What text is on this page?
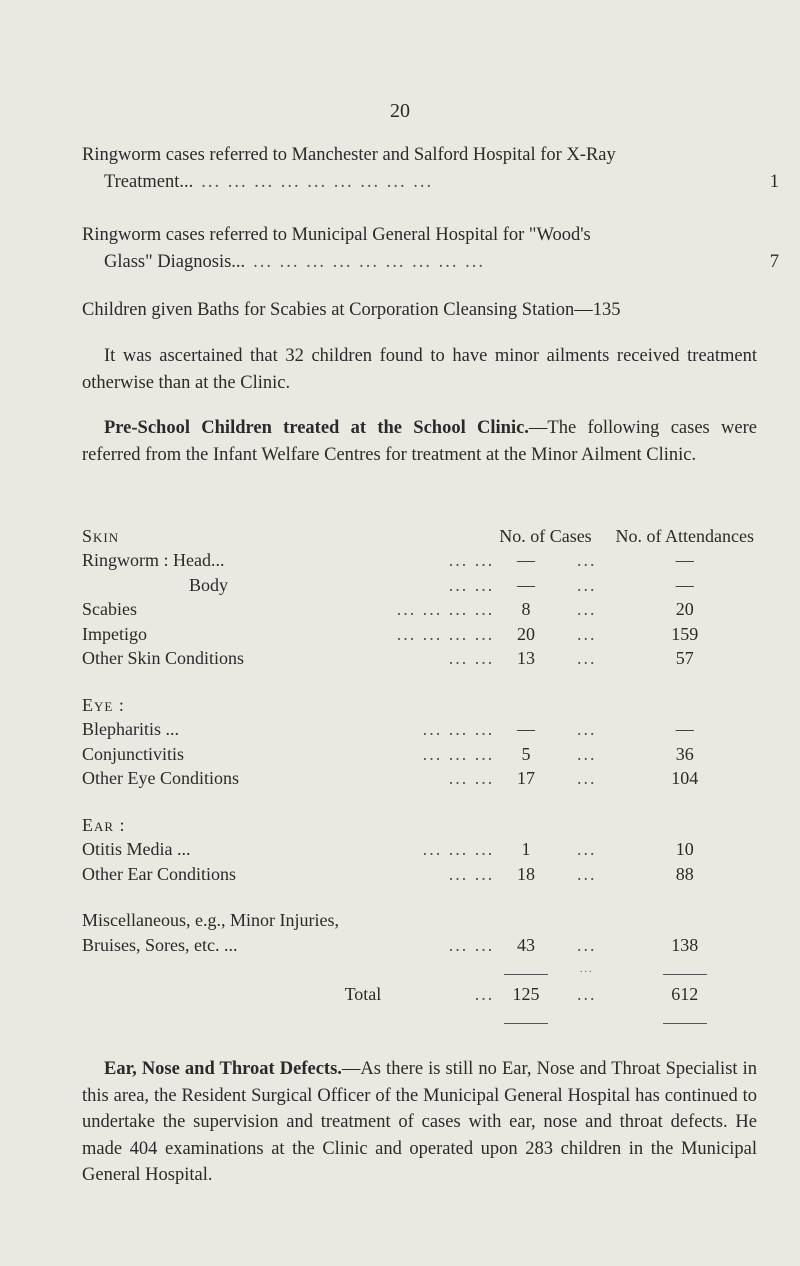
20
Ringworm cases referred to Manchester and Salford Hospital for X-Ray
Treatment... ... ... ... ... ... ... ... ... ...	1
Ringworm cases referred to Municipal General Hospital for "Wood's
Glass" Diagnosis... ... ... ... ... ... ... ... ... ...	7

Children given Baths for Scabies at Corporation Cleansing Station—135

It was ascertained that 32 children found to have minor ailments received treatment otherwise than at the Clinic.

Pre-School Children treated at the School Clinic.—The following cases were referred from the Infant Welfare Centres for treatment at the Minor Ailment Clinic.

Skin		No. of Cases		No. of Attendances
Ringworm : Head...	... ...	—	...	—
Body	... ...	—	...	—
Scabies	... ... ... ...	8	...	20
Impetigo	... ... ... ...	20	...	159
Other Skin Conditions	... ...	13	...	57

Eye :				
Blepharitis ...	... ... ...	—	...	—
Conjunctivitis	... ... ...	5	...	36
Other Eye Conditions	... ...	17	...	104

Ear :				
Otitis Media ...	... ... ...	1	...	10
Other Ear Conditions	... ...	18	...	88

Miscellaneous, e.g., Minor Injuries,				
Bruises, Sores, etc. ...	... ...	43	...	138
			...	
Total	...	125	...	612

Ear, Nose and Throat Defects.—As there is still no Ear, Nose and Throat Specialist in this area, the Resident Surgical Officer of the Municipal General Hospital has continued to undertake the supervision and treatment of cases with ear, nose and throat defects. He made 404 examinations at the Clinic and operated upon 283 children in the Municipal General Hospital.
